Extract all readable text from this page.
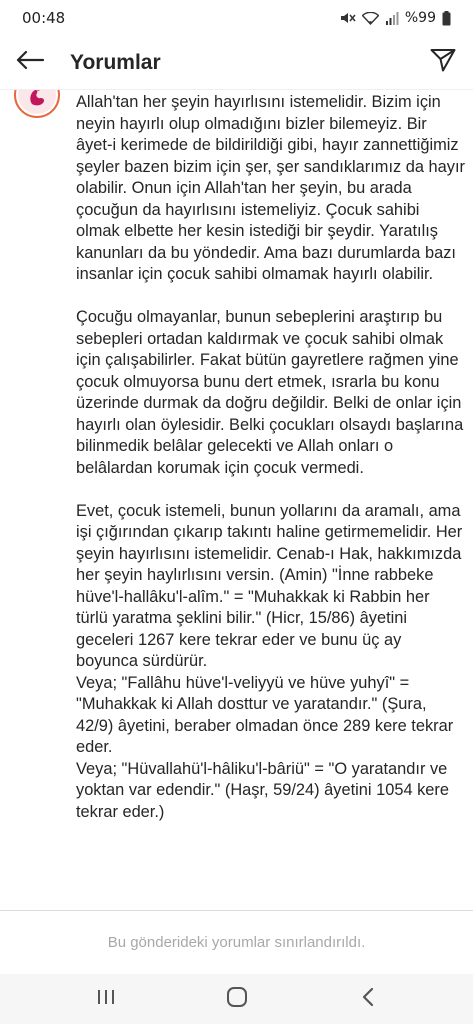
00:48	%99
Yorumlar
Allah'tan her şeyin hayırlısını istemelidir. Bizim için neyin hayırlı olup olmadığını bizler bilemeyiz. Bir âyet-i kerimede de bildirildiği gibi, hayır zannettiğimiz şeyler bazen bizim için şer, şer sandıklarımız da hayır olabilir. Onun için Allah'tan her şeyin, bu arada çocuğun da hayırlısını istemeliyiz. Çocuk sahibi olmak elbette her kesin istediği bir şeydir. Yaratılış kanunları da bu yöndedir. Ama bazı durumlarda bazı insanlar için çocuk sahibi olmamak hayırlı olabilir.

Çocuğu olmayanlar, bunun sebeplerini araştırıp bu sebepleri ortadan kaldırmak ve çocuk sahibi olmak için çalışabilirler. Fakat bütün gayretlere rağmen yine çocuk olmuyorsa bunu dert etmek, ısrarla bu konu üzerinde durmak da doğru değildir. Belki de onlar için hayırlı olan öylesidir. Belki çocukları olsaydı başlarına bilinmedik belâlar gelecekti ve Allah onları o belâlardan korumak için çocuk vermedi.

Evet, çocuk istemeli, bunun yollarını da aramalı, ama işi çığırından çıkarıp takıntı haline getirmemelidir. Her şeyin hayırlısını istemelidir. Cenab-ı Hak, hakkımızda her şeyin haylırlısını versin. (Amin) "İnne rabbeke hüve'l-hallâku'l-alîm." = "Muhakkak ki Rabbin her türlü yaratma şeklini bilir." (Hicr, 15/86) âyetini geceleri 1267 kere tekrar eder ve bunu üç ay boyunca sürdürür.
Veya; "Fallâhu hüve'l-veliyyü ve hüve yuhyî" = "Muhakkak ki Allah dosttur ve yaratandır." (Şura, 42/9) âyetini, beraber olmadan önce 289 kere tekrar eder.
Veya; "Hüvallahü'l-hâliku'l-bâriü" = "O yaratandır ve yoktan var edendir." (Haşr, 59/24) âyetini 1054 kere tekrar eder.)
Bu gönderideki yorumlar sınırlandırıldı.
